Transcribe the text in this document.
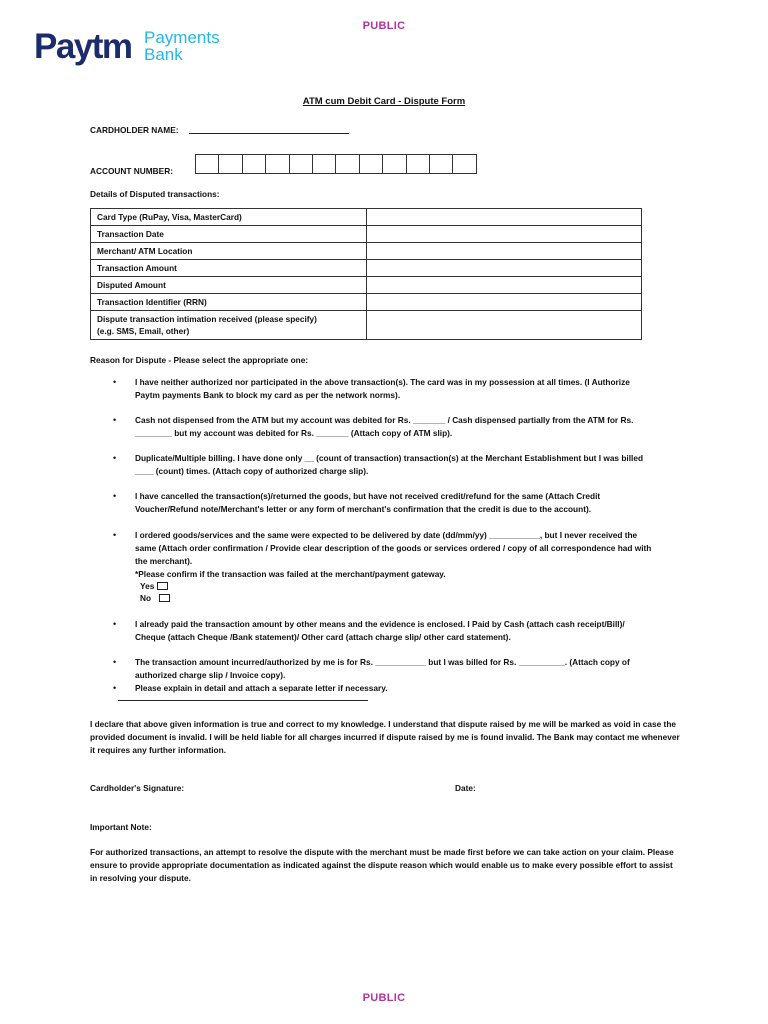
PUBLIC
Paytm Payments
Bank
ATM cum Debit Card - Dispute Form
CARDHOLDER NAME:
ACCOUNT NUMBER:
Details of Disputed transactions:
Card Type (RuPay, Visa, MasterCard)	
Transaction Date	
Merchant/ ATM Location	
Transaction Amount	
Disputed Amount	
Transaction Identifier (RRN)	
Dispute transaction intimation received (please specify)
(e.g. SMS, Email, other)	
Reason for Dispute - Please select the appropriate one:
• I have neither authorized nor participated in the above transaction(s). The card was in my possession at all times. (I Authorize Paytm payments Bank to block my card as per the network norms).
• Cash not dispensed from the ATM but my account was debited for Rs. _______ / Cash dispensed partially from the ATM for Rs. ________ but my account was debited for Rs. _______ (Attach copy of ATM slip).
• Duplicate/Multiple billing. I have done only __ (count of transaction) transaction(s) at the Merchant Establishment but I was billed ____ (count) times. (Attach copy of authorized charge slip).
• I have cancelled the transaction(s)/returned the goods, but have not received credit/refund for the same (Attach Credit Voucher/Refund note/Merchant's letter or any form of merchant's confirmation that the credit is due to the account).
• I ordered goods/services and the same were expected to be delivered by date (dd/mm/yy) ___________, but I never received the same (Attach order confirmation / Provide clear description of the goods or services ordered / copy of all correspondence had with the merchant).
*Please confirm if the transaction was failed at the merchant/payment gateway.
• I already paid the transaction amount by other means and the evidence is enclosed. I Paid by Cash (attach cash receipt/Bill)/ Cheque (attach Cheque /Bank statement)/ Other card (attach charge slip/ other card statement).
• The transaction amount incurred/authorized by me is for Rs. ___________ but I was billed for Rs. __________. (Attach copy of authorized charge slip / Invoice copy).
• Please explain in detail and attach a separate letter if necessary.
Yes
No
I declare that above given information is true and correct to my knowledge. I understand that dispute raised by me will be marked as void in case the provided document is invalid. I will be held liable for all charges incurred if dispute raised by me is found invalid. The Bank may contact me whenever it requires any further information.
Cardholder's Signature:	Date:
Important Note:
For authorized transactions, an attempt to resolve the dispute with the merchant must be made first before we can take action on your claim. Please ensure to provide appropriate documentation as indicated against the dispute reason which would enable us to make every possible effort to assist in resolving your dispute.
PUBLIC
